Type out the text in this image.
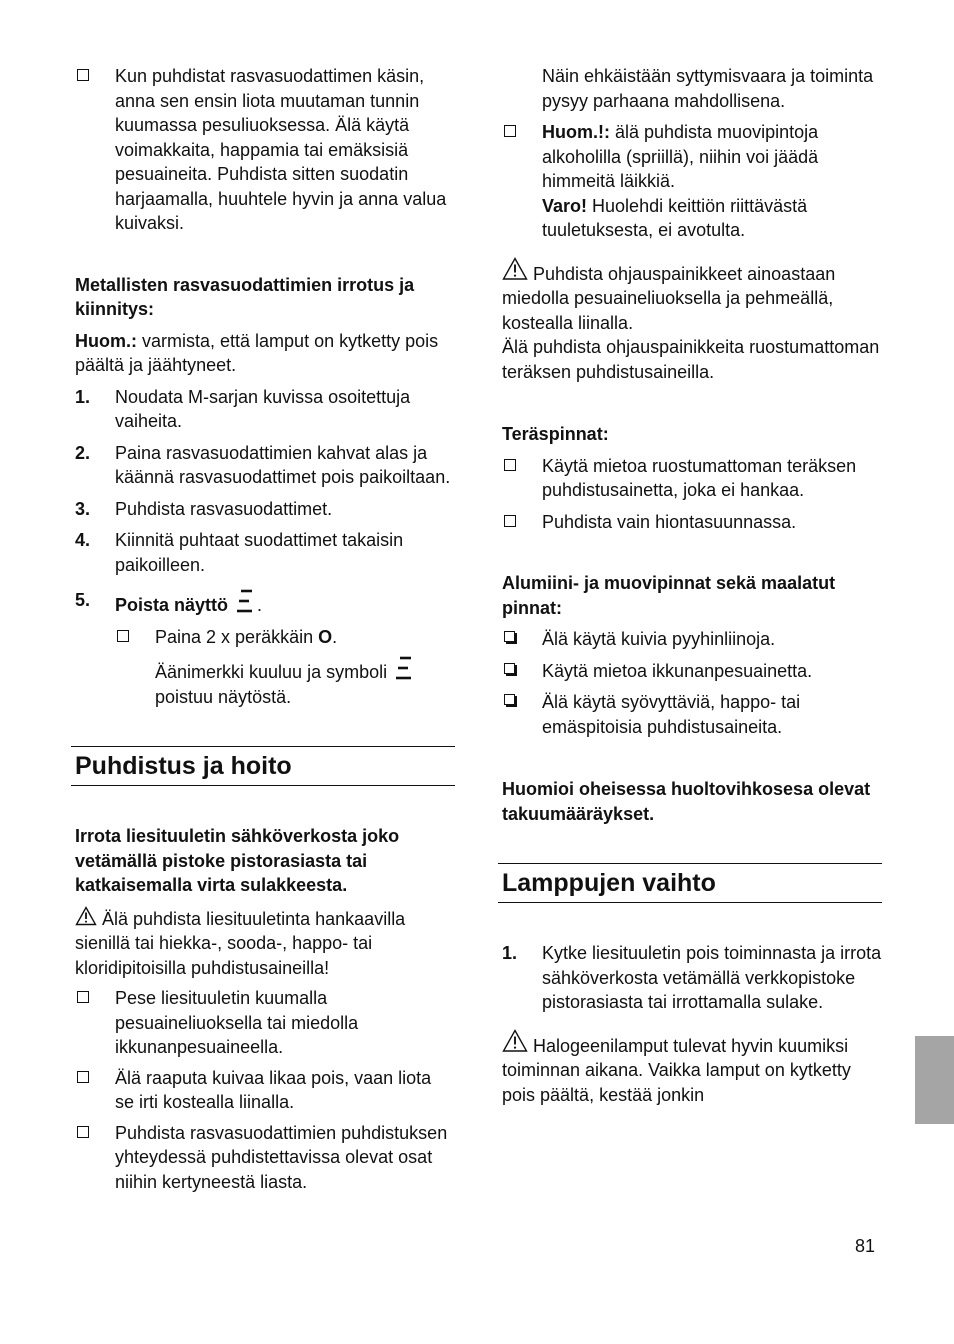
Kun puhdistat rasvasuodattimen käsin, anna sen ensin liota muutaman tunnin kuumassa pesuliuoksessa. Älä käytä voimakkaita, happamia tai emäksisiä pesuaineita. Puhdista sitten suodatin harjaamalla, huuhtele hyvin ja anna valua kuivaksi.

Metallisten rasvasuodattimien irrotus ja kiinnitys:

Huom.: varmista, että lamput on kytketty pois päältä ja jäähtyneet.

1. Noudata M-sarjan kuvissa osoitettuja vaiheita.

2. Paina rasvasuodattimien kahvat alas ja käännä rasvasuodattimet pois paikoiltaan.

3. Puhdista rasvasuodattimet.

4. Kiinnitä puhtaat suodattimet takaisin paikoilleen.

5. Poista näyttö .

Paina 2 x peräkkäin O.

Äänimerkki kuuluu ja symboli
poistuu näytöstä.

Puhdistus ja hoito

Irrota liesituuletin sähköverkosta joko vetämällä pistoke pistorasiasta tai katkaisemalla virta sulakkeesta.

Älä puhdista liesituuletinta hankaavilla sienillä tai hiekka-, sooda-, happo- tai kloridipitoisilla puhdistusaineilla!

Pese liesituuletin kuumalla pesuaineliuoksella tai miedolla ikkunanpesuaineella.

Älä raaputa kuivaa likaa pois, vaan liota se irti kostealla liinalla.

Puhdista rasvasuodattimien puhdistuksen yhteydessä puhdistettavissa olevat osat niihin kertyneestä liasta.

Näin ehkäistään syttymisvaara ja toiminta pysyy parhaana mahdollisena.

Huom.!: älä puhdista muovipintoja alkoholilla (spriillä), niihin voi jäädä himmeitä läikkiä.

Varo! Huolehdi keittiön riittävästä tuuletuksesta, ei avotulta.

Puhdista ohjauspainikkeet ainoastaan miedolla pesuaineliuoksella ja pehmeällä, kostealla liinalla.

Älä puhdista ohjauspainikkeita ruostumattoman teräksen puhdistusaineilla.

Teräspinnat:

Käytä mietoa ruostumattoman teräksen puhdistusainetta, joka ei hankaa.

Puhdista vain hiontasuunnassa.

Alumiini- ja muovipinnat sekä maalatut pinnat:

Älä käytä kuivia pyyhinliinoja.

Käytä mietoa ikkunanpesuainetta.

Älä käytä syövyttäviä, happo- tai emäspitoisia puhdistusaineita.

Huomioi oheisessa huoltovihkosesa olevat takuumääräykset.

Lamppujen vaihto
1. Kytke liesituuletin pois toiminnasta ja irrota sähköverkosta vetämällä verkkopistoke pistorasiasta tai irrottamalla sulake.

Halogeenilamput tulevat hyvin kuumiksi toiminnan aikana. Vaikka lamput on kytketty pois päältä, kestää jonkin

81
